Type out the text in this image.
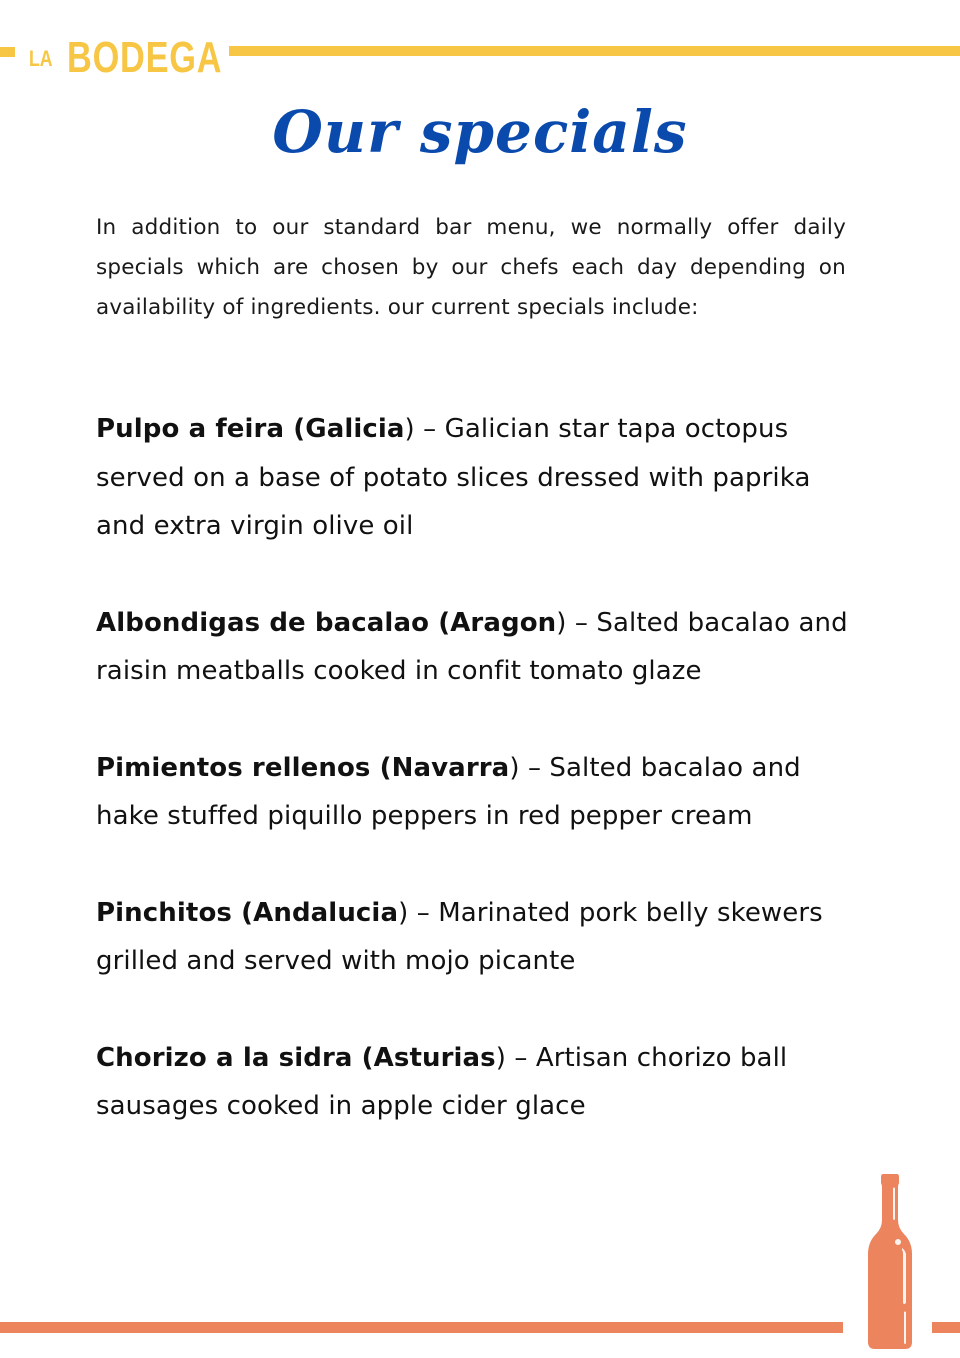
LA BODEGA
Our specials

In addition to our standard bar menu, we normally offer daily specials which are chosen by our chefs each day depending on availability of ingredients. our current specials include:

Pulpo a feira (Galicia) – Galician star tapa octopus served on a base of potato slices dressed with paprika and extra virgin olive oil

Albondigas de bacalao (Aragon) – Salted bacalao and raisin meatballs cooked in confit tomato glaze

Pimientos rellenos (Navarra) – Salted bacalao and hake stuffed piquillo peppers in red pepper cream

Pinchitos (Andalucia) – Marinated pork belly skewers grilled and served with mojo picante

Chorizo a la sidra (Asturias) – Artisan chorizo ball sausages cooked in apple cider glace
